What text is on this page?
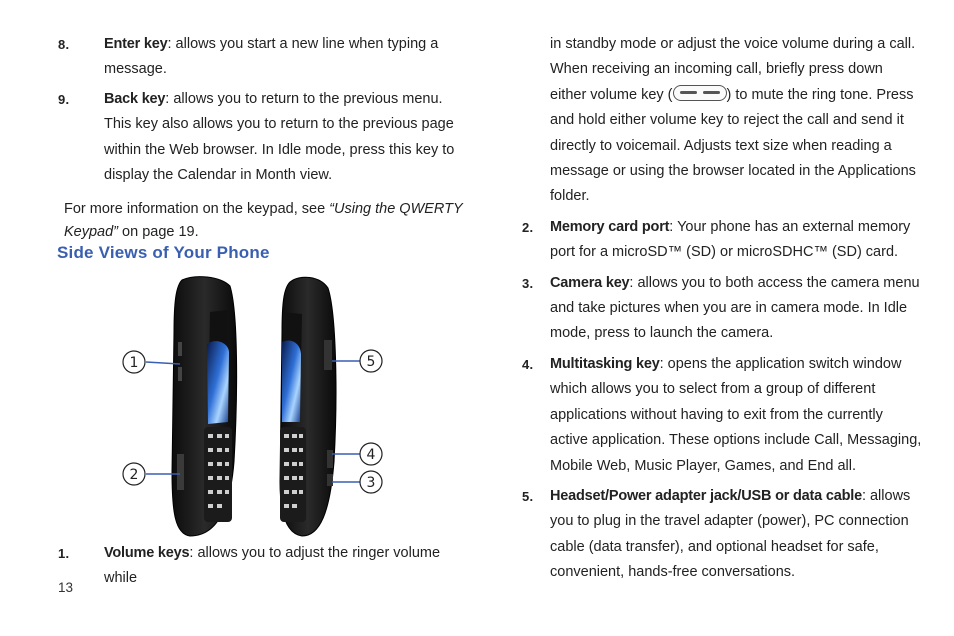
8. Enter key: allows you start a new line when typing a message.

9. Back key: allows you to return to the previous menu. This key also allows you to return to the previous page within the Web browser. In Idle mode, press this key to display the Calendar in Month view.

For more information on the keypad, see “Using the QWERTY Keypad” on page 19.
Side Views of Your Phone
1
2
5
4
3
1. Volume keys: allows you to adjust the ringer volume while

13

in standby mode or adjust the voice volume during a call. When receiving an incoming call, briefly press down either volume key (	) to mute the ring tone. Press and hold either volume key to reject the call and send it directly to voicemail. Adjusts text size when reading a message or using the browser located in the Applications folder.

2. Memory card port: Your phone has an external memory port for a microSD™ (SD) or microSDHC™ (SD) card.

3. Camera key: allows you to both access the camera menu and take pictures when you are in camera mode. In Idle mode, press to launch the camera.

4. Multitasking key: opens the application switch window which allows you to select from a group of different applications without having to exit from the currently active application. These options include Call, Messaging, Mobile Web, Music Player, Games, and End all.

5. Headset/Power adapter jack/USB or data cable: allows you to plug in the travel adapter (power), PC connection cable (data transfer), and optional headset for safe, convenient, hands-free conversations.
